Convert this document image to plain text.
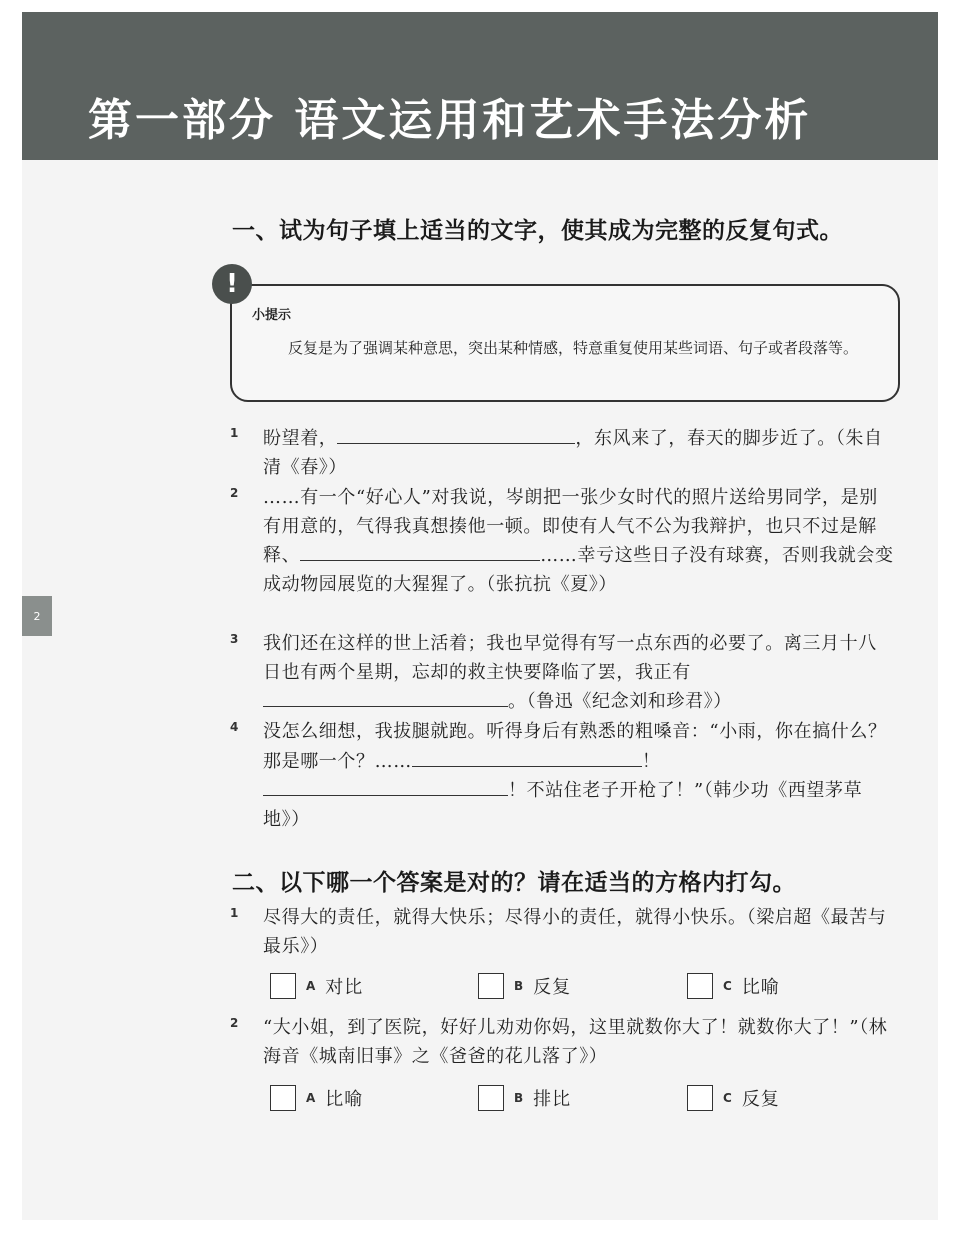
第一部分 语文运用和艺术手法分析
2
一、试为句子填上适当的文字，使其成为完整的反复句式。
!
小提示
反复是为了强调某种意思，突出某种情感，特意重复使用某些词语、句子或者段落等。
1 盼望着，	，东风来了，春天的脚步近了。（朱自清《春》）
2 ……有一个“好心人”对我说，岑朗把一张少女时代的照片送给男同学，是别有用意的，气得我真想揍他一顿。即使有人气不公为我辩护，也只不过是解释、	……幸亏这些日子没有球赛，否则我就会变成动物园展览的大猩猩了。（张抗抗《夏》）
3 我们还在这样的世上活着；我也早觉得有写一点东西的必要了。离三月十八日也有两个星期，忘却的救主快要降临了罢，我正有。（鲁迅《纪念刘和珍君》）
4 没怎么细想，我拔腿就跑。听得身后有熟悉的粗嗓音：“小雨，你在搞什么？那是哪一个？……	！
！不站住老子开枪了！”（韩少功《西望茅草地》）
二、以下哪一个答案是对的？请在适当的方格内打勾。
1 尽得大的责任，就得大快乐；尽得小的责任，就得小快乐。（梁启超《最苦与最乐》）
A 对比	B 反复	C 比喻
2 “大小姐，到了医院，好好儿劝劝你妈，这里就数你大了！就数你大了！”（林海音《城南旧事》之《爸爸的花儿落了》）
A 比喻	B 排比	C 反复
